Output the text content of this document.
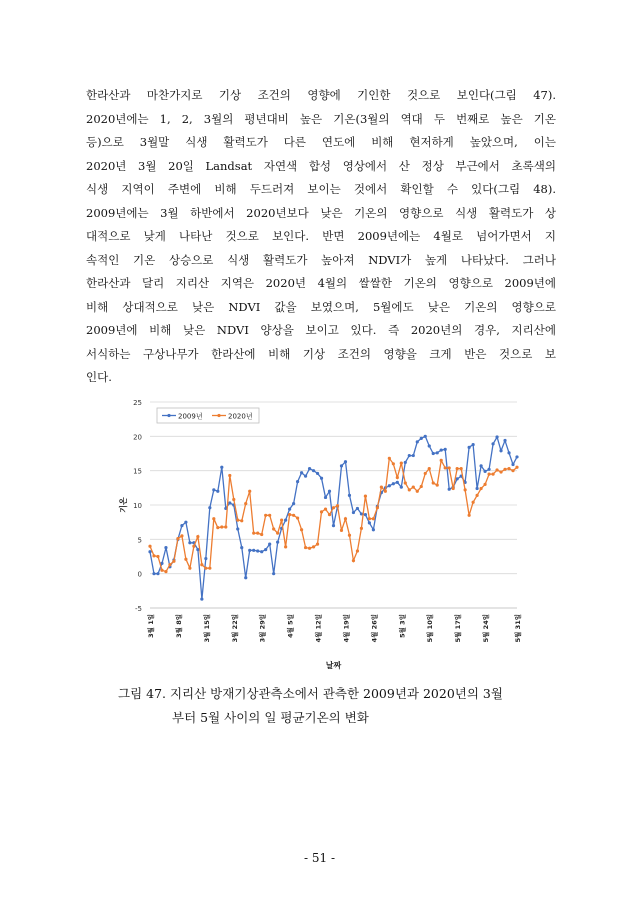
한라산과 마찬가지로 기상 조건의 영향에 기인한 것으로 보인다(그림 47).
2020년에는 1, 2, 3월의 평년대비 높은 기온(3월의 역대 두 번째로 높은 기온
등)으로 3월말 식생 활력도가 다른 연도에 비해 현저하게 높았으며, 이는
2020년 3월 20일 Landsat 자연색 합성 영상에서 산 정상 부근에서 초록색의
식생 지역이 주변에 비해 두드러져 보이는 것에서 확인할 수 있다(그림 48).
2009년에는 3월 하반에서 2020년보다 낮은 기온의 영향으로 식생 활력도가 상
대적으로 낮게 나타난 것으로 보인다. 반면 2009년에는 4월로 넘어가면서 지
속적인 기온 상승으로 식생 활력도가 높아져 NDVI가 높게 나타났다. 그러나
한라산과 달리 지리산 지역은 2020년 4월의 쌀쌀한 기온의 영향으로 2009년에
비해 상대적으로 낮은 NDVI 값을 보였으며, 5월에도 낮은 기온의 영향으로
2009년에 비해 낮은 NDVI 양상을 보이고 있다. 즉 2020년의 경우, 지리산에
서식하는 구상나무가 한라산에 비해 기상 조건의 영향을 크게 반은 것으로 보
인다.
-5
0
5
10
15
20
25
3월 1일	3월 8일	3월 15일	3월 22일	3월 29일	4월 5일	4월 12일	4월 19일	4월 26일	5월 3일	5월 10일	5월 17일	5월 24일	5월 31일
날짜
기온
2009년	2020년
그림 47. 지리산 방재기상관측소에서 관측한 2009년과 2020년의 3월
부터 5월 사이의 일 평균기온의 변화
- 51 -
